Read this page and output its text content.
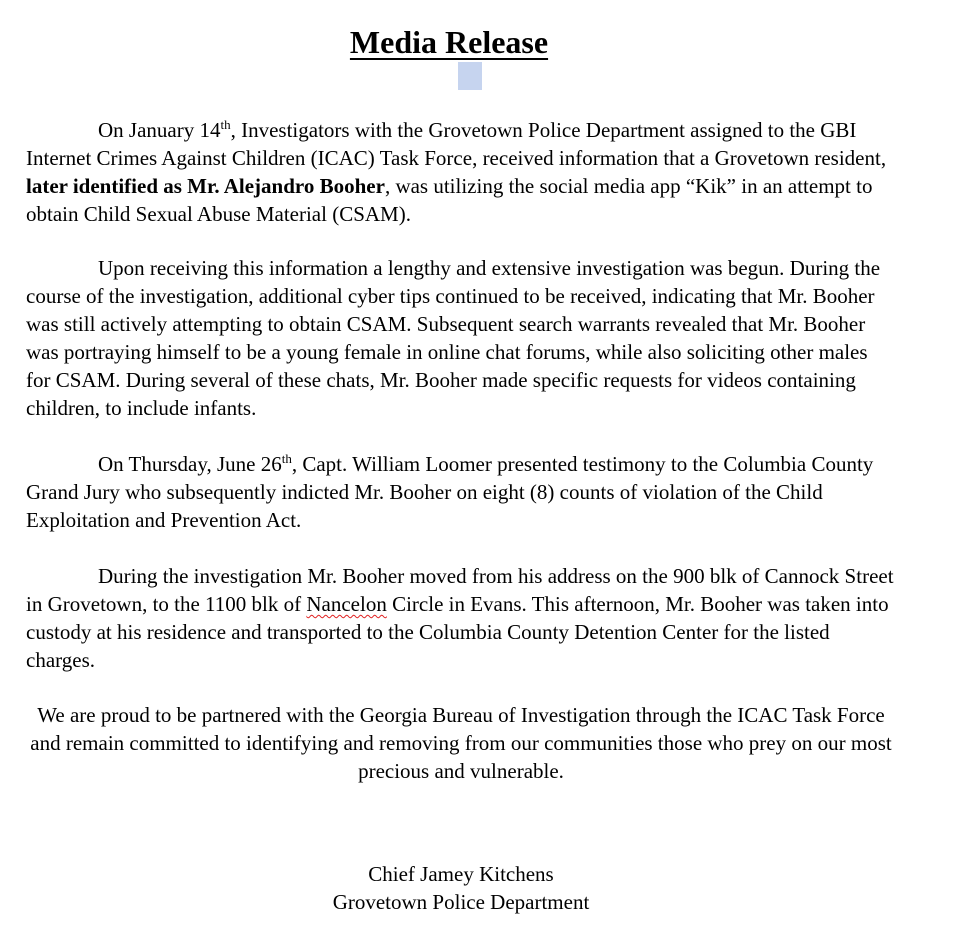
Media Release

On January 14th, Investigators with the Grovetown Police Department assigned to the GBI Internet Crimes Against Children (ICAC) Task Force, received information that a Grovetown resident, later identified as Mr. Alejandro Booher, was utilizing the social media app “Kik” in an attempt to obtain Child Sexual Abuse Material (CSAM).

Upon receiving this information a lengthy and extensive investigation was begun. During the course of the investigation, additional cyber tips continued to be received, indicating that Mr. Booher was still actively attempting to obtain CSAM. Subsequent search warrants revealed that Mr. Booher was portraying himself to be a young female in online chat forums, while also soliciting other males for CSAM. During several of these chats, Mr. Booher made specific requests for videos containing children, to include infants.

On Thursday, June 26th, Capt. William Loomer presented testimony to the Columbia County Grand Jury who subsequently indicted Mr. Booher on eight (8) counts of violation of the Child Exploitation and Prevention Act.

During the investigation Mr. Booher moved from his address on the 900 blk of Cannock Street in Grovetown, to the 1100 blk of Nancelon Circle in Evans. This afternoon, Mr. Booher was taken into custody at his residence and transported to the Columbia County Detention Center for the listed charges.

We are proud to be partnered with the Georgia Bureau of Investigation through the ICAC Task Force and remain committed to identifying and removing from our communities those who prey on our most precious and vulnerable.

Chief Jamey Kitchens

Grovetown Police Department
